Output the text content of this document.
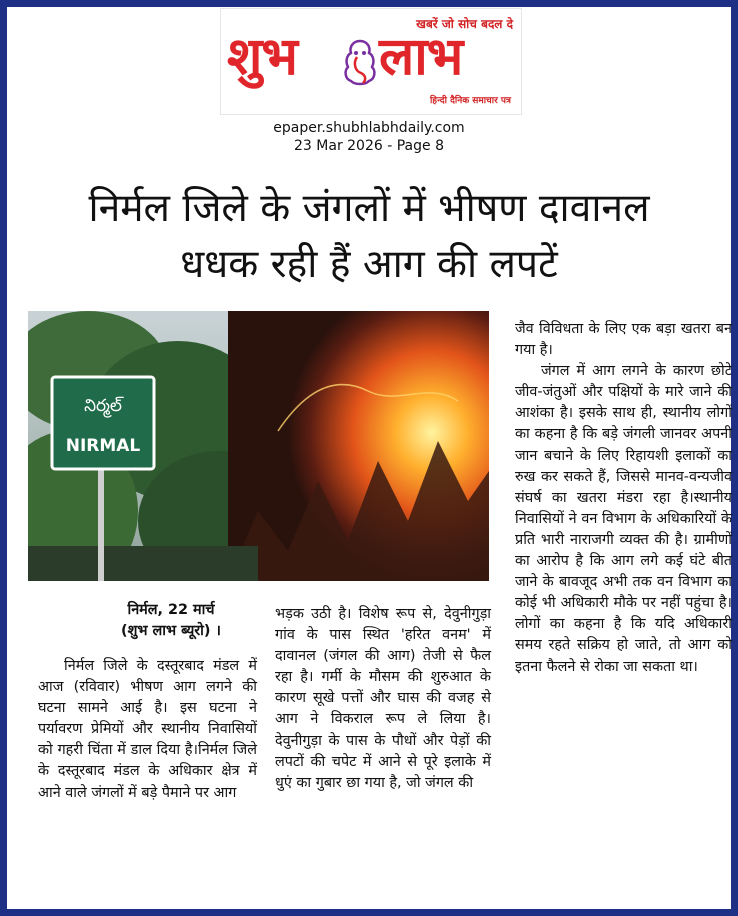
खबरें जो सोच बदल दे
शुभ लाभ
हिन्दी दैनिक समाचार पत्र
epaper.shubhlabhdaily.com
23 Mar 2026 - Page 8
निर्मल जिले के जंगलों में भीषण दावानल
धधक रही हैं आग की लपटें
నిర్మల్
NIRMAL

निर्मल, 22 मार्च

(शुभ लाभ ब्यूरो) ।

निर्मल जिले के दस्तूरबाद मंडल में आज (रविवार) भीषण आग लगने की घटना सामने आई है। इस घटना ने पर्यावरण प्रेमियों और स्थानीय निवासियों को गहरी चिंता में डाल दिया है।निर्मल जिले के दस्तूरबाद मंडल के अधिकार क्षेत्र में आने वाले जंगलों में बड़े पैमाने पर आग

भड़क उठी है। विशेष रूप से, देवुनीगुड़ा गांव के पास स्थित 'हरित वनम' में दावानल (जंगल की आग) तेजी से फैल रहा है। गर्मी के मौसम की शुरुआत के कारण सूखे पत्तों और घास की वजह से आग ने विकराल रूप ले लिया है। देवुनीगुड़ा के पास के पौधों और पेड़ों की लपटों की चपेट में आने से पूरे इलाके में धुएं का गुबार छा गया है, जो जंगल की

जैव विविधता के लिए एक बड़ा खतरा बन गया है।

जंगल में आग लगने के कारण छोटे जीव-जंतुओं और पक्षियों के मारे जाने की आशंका है। इसके साथ ही, स्थानीय लोगों का कहना है कि बड़े जंगली जानवर अपनी जान बचाने के लिए रिहायशी इलाकों का रुख कर सकते हैं, जिससे मानव-वन्यजीव संघर्ष का खतरा मंडरा रहा है।स्थानीय निवासियों ने वन विभाग के अधिकारियों के प्रति भारी नाराजगी व्यक्त की है। ग्रामीणों का आरोप है कि आग लगे कई घंटे बीत जाने के बावजूद अभी तक वन विभाग का कोई भी अधिकारी मौके पर नहीं पहुंचा है। लोगों का कहना है कि यदि अधिकारी समय रहते सक्रिय हो जाते, तो आग को इतना फैलने से रोका जा सकता था।
